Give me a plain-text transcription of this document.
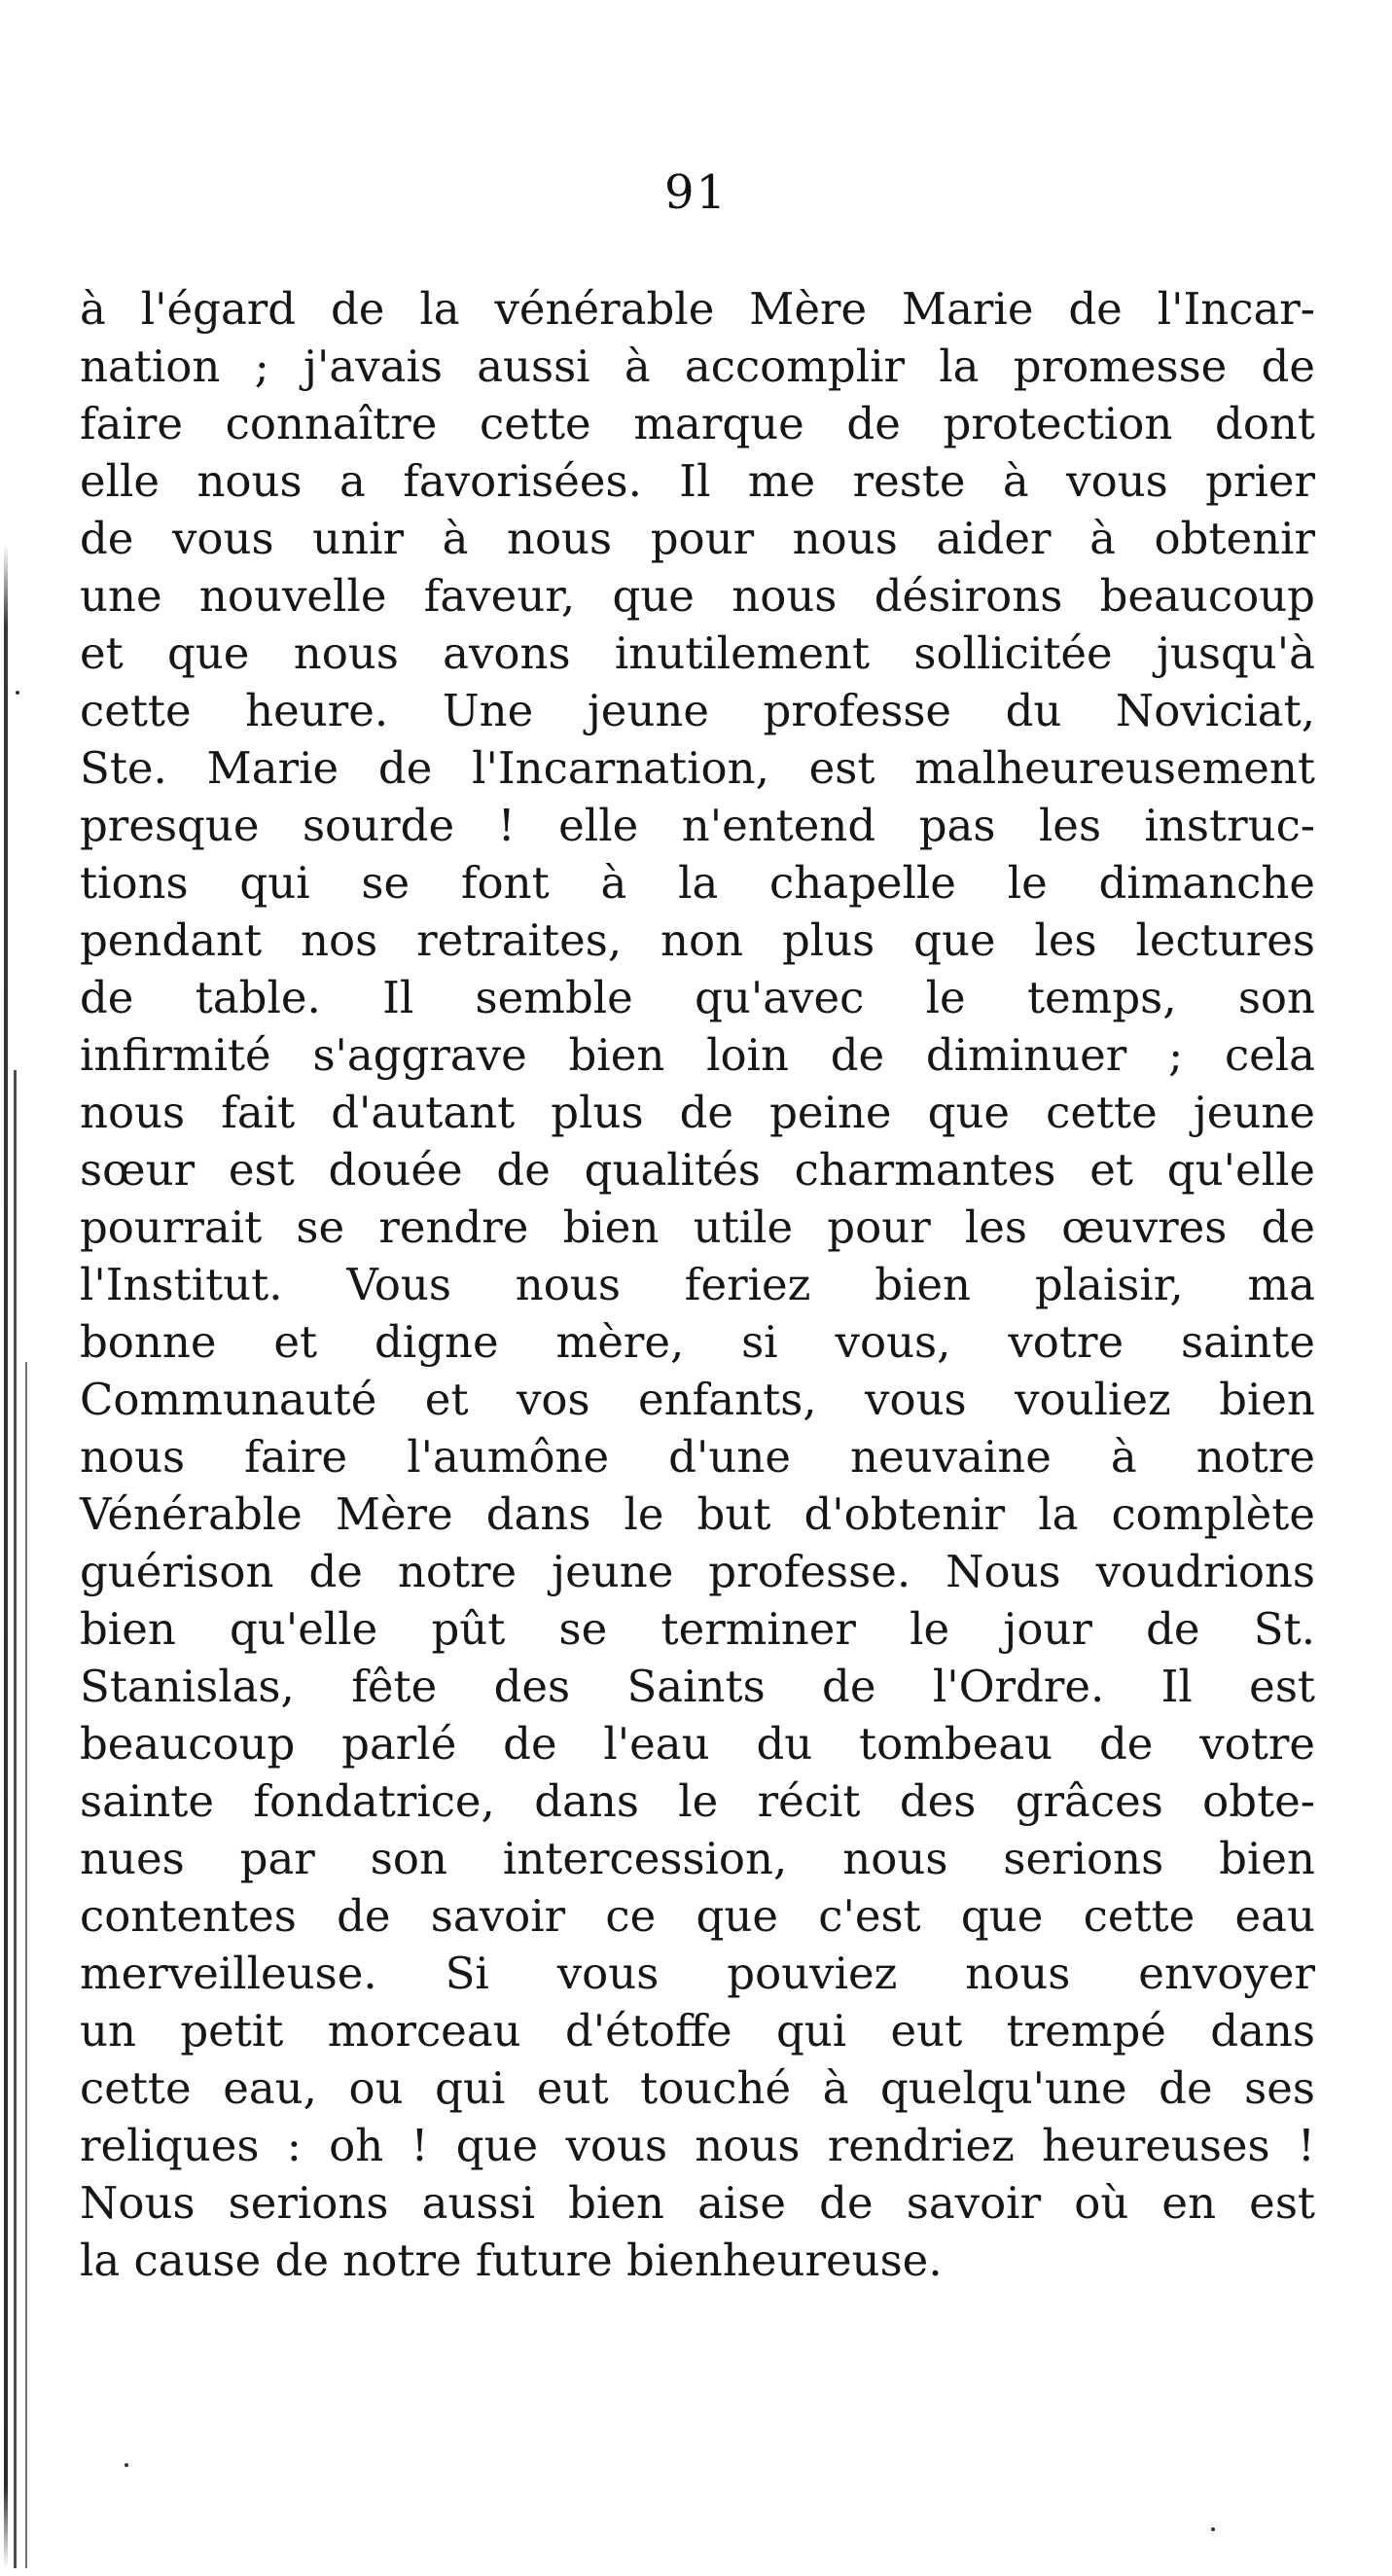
91
à l'égard de la vénérable Mère Marie de l'Incar-
nation ; j'avais aussi à accomplir la promesse de
faire connaître cette marque de protection dont
elle nous a favorisées. Il me reste à vous prier
de vous unir à nous pour nous aider à obtenir
une nouvelle faveur, que nous désirons beaucoup
et que nous avons inutilement sollicitée jusqu'à
cette heure. Une jeune professe du Noviciat,
Ste. Marie de l'Incarnation, est malheureusement
presque sourde ! elle n'entend pas les instruc-
tions qui se font à la chapelle le dimanche
pendant nos retraites, non plus que les lectures
de table. Il semble qu'avec le temps, son
infirmité s'aggrave bien loin de diminuer ; cela
nous fait d'autant plus de peine que cette jeune
sœur est douée de qualités charmantes et qu'elle
pourrait se rendre bien utile pour les œuvres de
l'Institut. Vous nous feriez bien plaisir, ma
bonne et digne mère, si vous, votre sainte
Communauté et vos enfants, vous vouliez bien
nous faire l'aumône d'une neuvaine à notre
Vénérable Mère dans le but d'obtenir la complète
guérison de notre jeune professe. Nous voudrions
bien qu'elle pût se terminer le jour de St.
Stanislas, fête des Saints de l'Ordre. Il est
beaucoup parlé de l'eau du tombeau de votre
sainte fondatrice, dans le récit des grâces obte-
nues par son intercession, nous serions bien
contentes de savoir ce que c'est que cette eau
merveilleuse. Si vous pouviez nous envoyer
un petit morceau d'étoffe qui eut trempé dans
cette eau, ou qui eut touché à quelqu'une de ses
reliques : oh ! que vous nous rendriez heureuses !
Nous serions aussi bien aise de savoir où en est
la cause de notre future bienheureuse.
